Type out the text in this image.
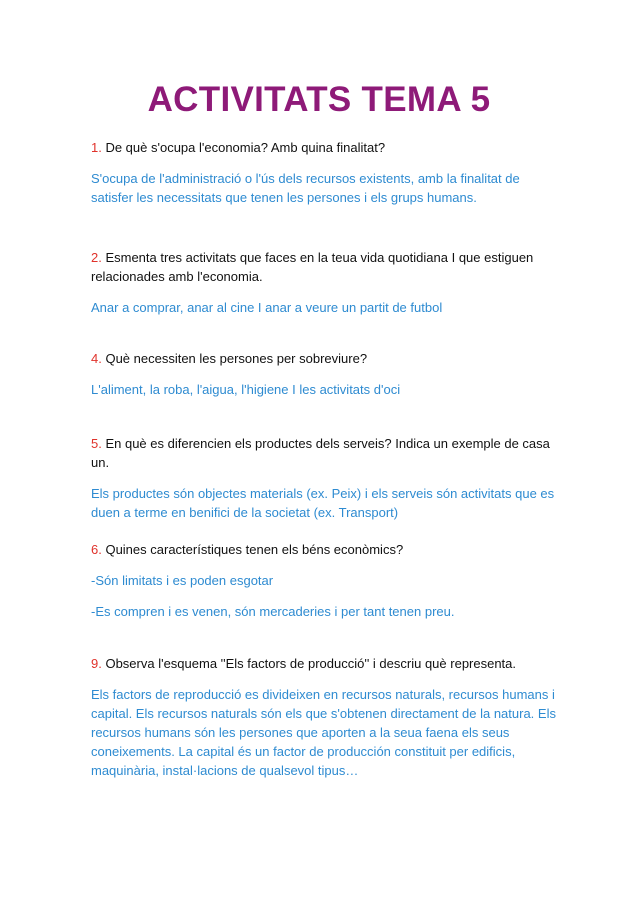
ACTIVITATS TEMA 5

1. De què s'ocupa l'economia? Amb quina finalitat?

S'ocupa de l'administració o l'ús dels recursos existents, amb la finalitat de satisfer les necessitats que tenen les persones i els grups humans.

2. Esmenta tres activitats que faces en la teua vida quotidiana I que estiguen relacionades amb l'economia.

Anar a comprar, anar al cine I anar a veure un partit de futbol

4. Què necessiten les persones per sobreviure?

L'aliment, la roba, l'aigua, l'higiene I les activitats d'oci

5. En què es diferencien els productes dels serveis? Indica un exemple de casa un.

Els productes són objectes materials (ex. Peix) i els serveis són activitats que es duen a terme en benifici de la societat (ex. Transport)

6. Quines característiques tenen els béns econòmics?

-Són limitats i es poden esgotar

-Es compren i es venen, són mercaderies i per tant tenen preu.

9. Observa l'esquema ''Els factors de producció'' i descriu què representa.

Els factors de reproducció es divideixen en recursos naturals, recursos humans i capital. Els recursos naturals són els que s'obtenen directament de la natura. Els recursos humans són les persones que aporten a la seua faena els seus coneixements. La capital és un factor de producción constituit per edificis, maquinària, instal·lacions de qualsevol tipus…
